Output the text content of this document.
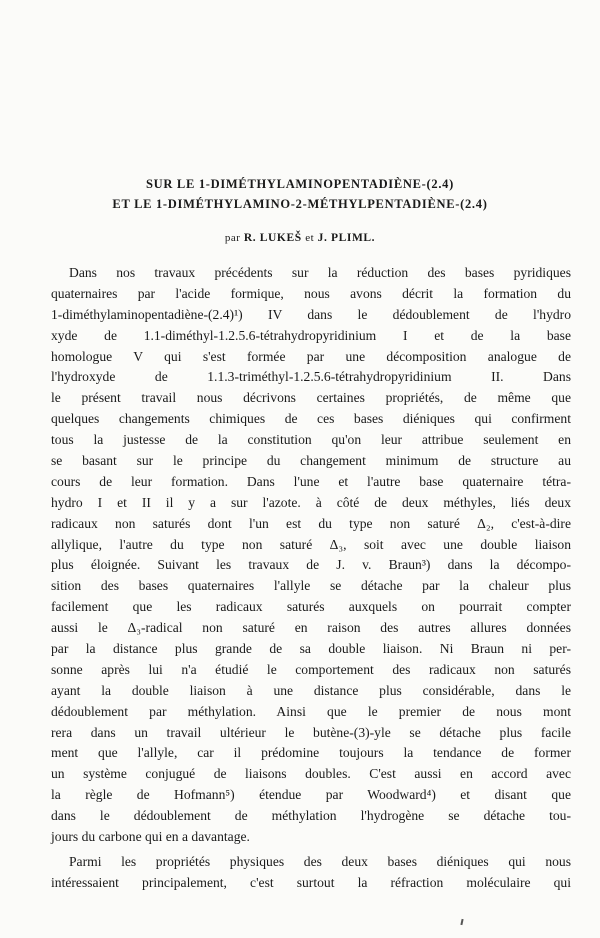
SUR LE 1-DIMÉTHYLAMINOPENTADIÈNE-(2.4)
ET LE 1-DIMÉTHYLAMINO-2-MÉTHYLPENTADIÈNE-(2.4)
par R. LUKEŠ et J. PLIML.
Dans nos travaux précédents sur la réduction des bases pyridiques
quaternaires par l'acide formique, nous avons décrit la formation du
1-diméthylaminopentadiène-(2.4)¹) IV dans le dédoublement de l'hydro
xyde de 1.1-diméthyl-1.2.5.6-tétrahydropyridinium I et de la base
homologue V qui s'est formée par une décomposition analogue de
l'hydroxyde de 1.1.3-triméthyl-1.2.5.6-tétrahydropyridinium II. Dans
le présent travail nous décrivons certaines propriétés, de même que
quelques changements chimiques de ces bases diéniques qui confirment
tous la justesse de la constitution qu'on leur attribue seulement en
se basant sur le principe du changement minimum de structure au
cours de leur formation. Dans l'une et l'autre base quaternaire tétra-
hydro I et II il y a sur l'azote. à côté de deux méthyles, liés deux
radicaux non saturés dont l'un est du type non saturé Δ₂, c'est-à-dire
allylique, l'autre du type non saturé Δ₃, soit avec une double liaison
plus éloignée. Suivant les travaux de J. v. Braun³) dans la décompo-
sition des bases quaternaires l'allyle se détache par la chaleur plus
facilement que les radicaux saturés auxquels on pourrait compter
aussi le Δ₃-radical non saturé en raison des autres allures données
par la distance plus grande de sa double liaison. Ni Braun ni per-
sonne après lui n'a étudié le comportement des radicaux non saturés
ayant la double liaison à une distance plus considérable, dans le
dédoublement par méthylation. Ainsi que le premier de nous mont
rera dans un travail ultérieur le butène-(3)-yle se détache plus facile
ment que l'allyle, car il prédomine toujours la tendance de former
un système conjugué de liaisons doubles. C'est aussi en accord avec
la règle de Hofmann⁵) étendue par Woodward⁴) et disant que
dans le dédoublement de méthylation l'hydrogène se détache tou-
jours du carbone qui en a davantage.
Parmi les propriétés physiques des deux bases diéniques qui nous
intéressaient principalement, c'est surtout la réfraction moléculaire qui
